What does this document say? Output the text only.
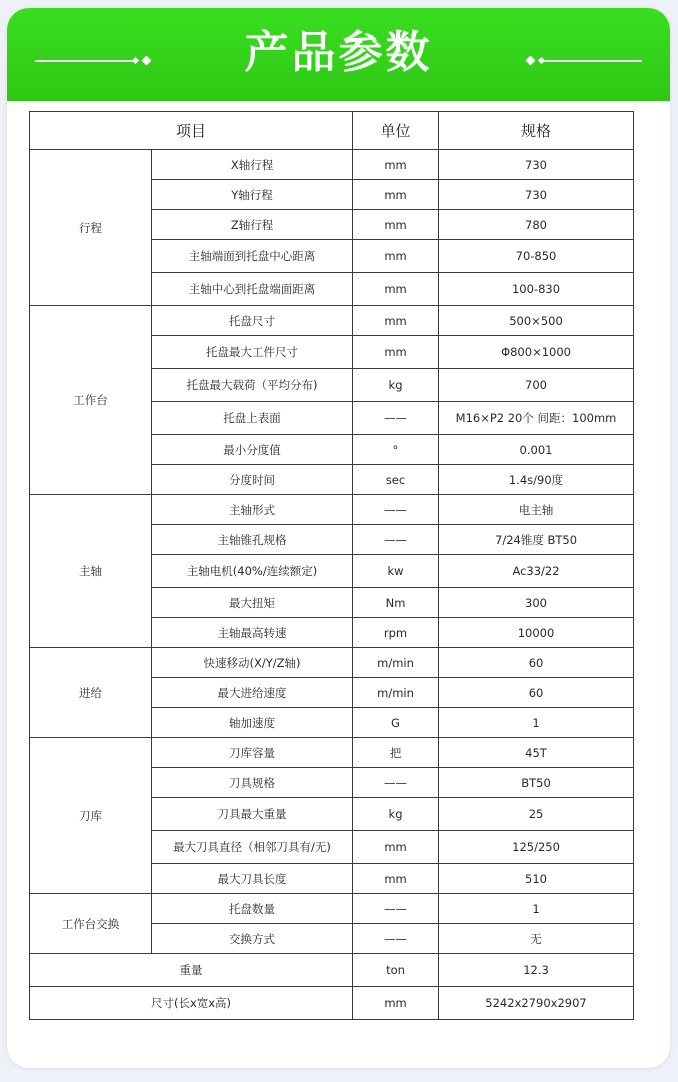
产品参数
项目		单位	规格
行程	X轴行程	mm	730
	Y轴行程	mm	730
	Z轴行程	mm	780
	主轴端面到托盘中心距离	mm	70-850
	主轴中心到托盘端面距离	mm	100-830
工作台	托盘尺寸	mm	500×500
	托盘最大工件尺寸	mm	Φ800×1000
	托盘最大载荷（平均分布)	kg	700
	托盘上表面	——	M16×P2 20个 间距：100mm
	最小分度值	°	0.001
	分度时间	sec	1.4s/90度
主轴	主轴形式	——	电主轴
	主轴锥孔规格	——	7/24锥度 BT50
	主轴电机(40%/连续额定)	kw	Ac33/22
	最大扭矩	Nm	300
	主轴最高转速	rpm	10000
进给	快速移动(X/Y/Z轴)	m/min	60
	最大进给速度	m/min	60
	轴加速度	G	1
刀库	刀库容量	把	45T
	刀具规格	——	BT50
	刀具最大重量	kg	25
	最大刀具直径（相邻刀具有/无)	mm	125/250
	最大刀具长度	mm	510
工作台交换	托盘数量	——	1
	交换方式	——	无
重量		ton	12.3
尺寸(长x宽x高)		mm	5242x2790x2907
